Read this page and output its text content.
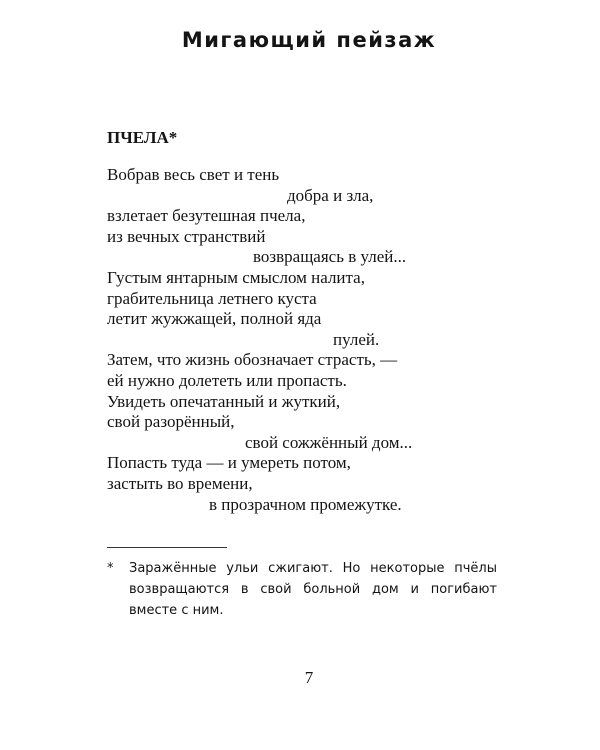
Мигающий пейзаж
ПЧЕЛА*
Вобрав весь свет и тень
добра и зла,
взлетает безутешная пчела,
из вечных странствий
возвращаясь в улей...
Густым янтарным смыслом налита,
грабительница летнего куста
летит жужжащей, полной яда
пулей.
Затем, что жизнь обозначает страсть, —
ей нужно долететь или пропасть.
Увидеть опечатанный и жуткий,
свой разорённый,
свой сожжённый дом...
Попасть туда — и умереть потом,
застыть во времени,
в прозрачном промежутке.
* Заражённые ульи сжигают. Но некоторые пчёлы возвращаются в свой больной дом и погибают вместе с ним.
7
